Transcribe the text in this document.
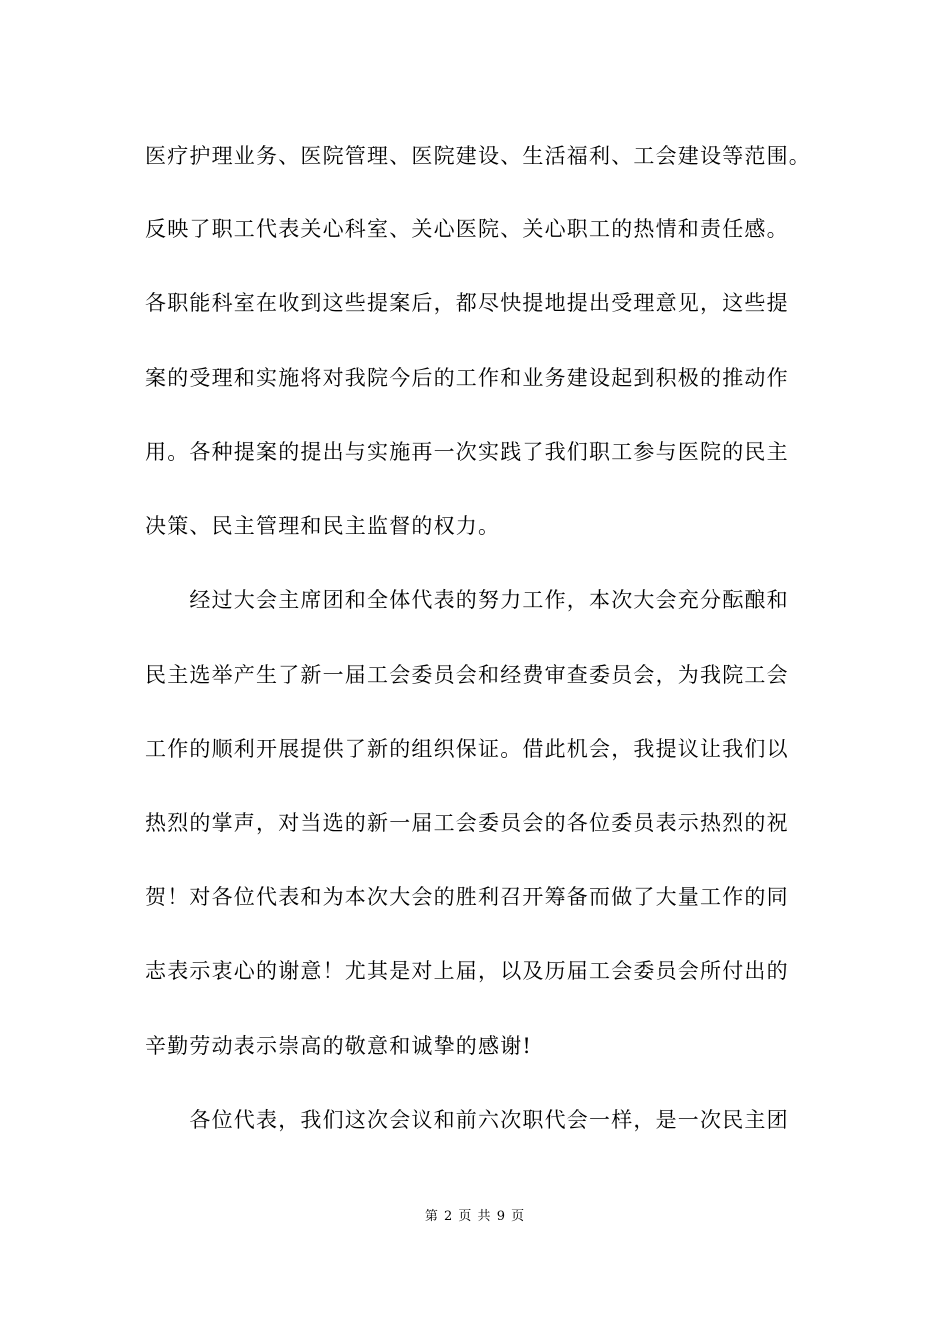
医疗护理业务、医院管理、医院建设、生活福利、工会建设等范围。
反映了职工代表关心科室、关心医院、关心职工的热情和责任感。
各职能科室在收到这些提案后，都尽快提地提出受理意见，这些提
案的受理和实施将对我院今后的工作和业务建设起到积极的推动作
用。各种提案的提出与实施再一次实践了我们职工参与医院的民主
决策、民主管理和民主监督的权力。
　　经过大会主席团和全体代表的努力工作，本次大会充分酝酿和
民主选举产生了新一届工会委员会和经费审查委员会，为我院工会
工作的顺利开展提供了新的组织保证。借此机会，我提议让我们以
热烈的掌声，对当选的新一届工会委员会的各位委员表示热烈的祝
贺！对各位代表和为本次大会的胜利召开筹备而做了大量工作的同
志表示衷心的谢意！尤其是对上届，以及历届工会委员会所付出的
辛勤劳动表示崇高的敬意和诚挚的感谢!
　　各位代表，我们这次会议和前六次职代会一样，是一次民主团
第 2 页 共 9 页
